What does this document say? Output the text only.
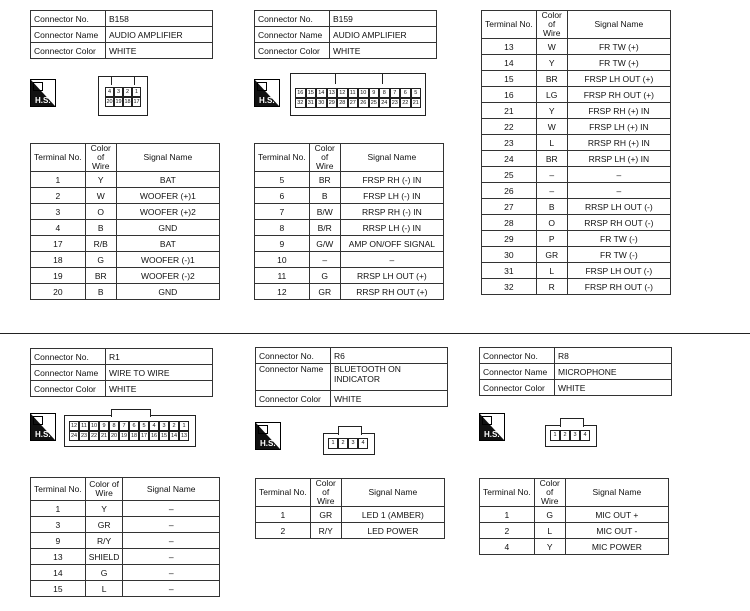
Connector No.	B158
Connector Name	AUDIO AMPLIFIER
Connector Color	WHITE
H.S.
4	3	2	1
20 19 18 17
Terminal No.	Color of Wire	Signal Name
1	Y	BAT
2	W	WOOFER (+)1
3	O	WOOFER (+)2
4	B	GND
17	R/B	BAT
18	G	WOOFER (-)1
19	BR	WOOFER (-)2
20	B	GND
Connector No.	B159
Connector Name	AUDIO AMPLIFIER
Connector Color	WHITE
H.S.
16 15 14 13 12 11 10	9	8	7	6	5
32 31 30 29 28 27 26 25 24 23 22 21
Terminal No.	Color of Wire	Signal Name
5	BR	FRSP RH (-) IN
6	B	FRSP LH (-) IN
7	B/W	RRSP RH (-) IN
8	B/R	RRSP LH (-) IN
9	G/W	AMP ON/OFF SIGNAL
10	–	–
11	G	RRSP LH OUT (+)
12	GR	RRSP RH OUT (+)
Terminal No.	Color of Wire	Signal Name
13	W	FR TW (+)
14	Y	FR TW (+)
15	BR	FRSP LH OUT (+)
16	LG	FRSP RH OUT (+)
21	Y	FRSP RH (+) IN
22	W	FRSP LH (+) IN
23	L	RRSP RH (+) IN
24	BR	RRSP LH (+) IN
25	–	–
26	–	–
27	B	RRSP LH OUT (-)
28	O	RRSP RH OUT (-)
29	P	FR TW (-)
30	GR	FR TW (-)
31	L	FRSP LH OUT (-)
32	R	FRSP RH OUT (-)
Connector No.	R1
Connector Name	WIRE TO WIRE
Connector Color	WHITE
H.S.
12 11 10 9	8	7	6	5	4	3	2	1
24 23 22 21 20 19 18 17 16 15 14 13
Terminal No.	Color of Wire	Signal Name
1	Y	–
3	GR	–
9	R/Y	–
13	SHIELD	–
14	G	–
15	L	–
Connector No.	R6
Connector Name	BLUETOOTH ON INDICATOR
Connector Color	WHITE
H.S.	1	2	3	4
Terminal No.	Color of Wire	Signal Name
1	GR	LED 1 (AMBER)
2	R/Y	LED POWER
Connector No.	R8
Connector Name	MICROPHONE
Connector Color	WHITE
H.S.	1	2	3	4
Terminal No.	Color of Wire	Signal Name
1	G	MIC OUT +
2	L	MIC OUT -
4	Y	MIC POWER
